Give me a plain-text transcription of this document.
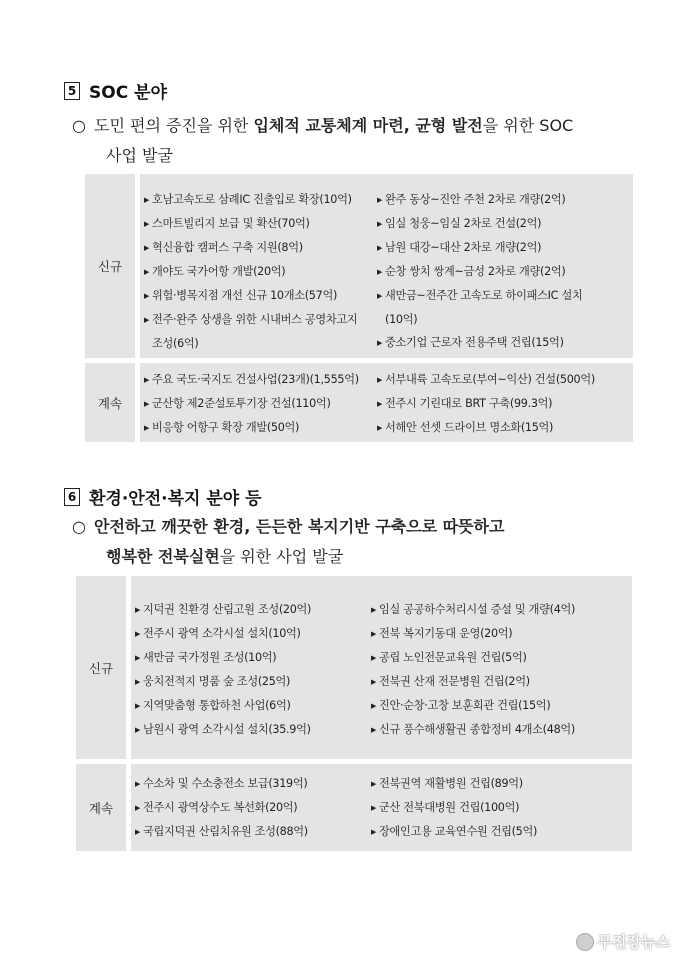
5 SOC 분야
○ 도민 편의 증진을 위한 입체적 교통체계 마련, 균형 발전을 위한 SOC
사업 발굴
신규
▶ 호남고속도로 삼례IC 진출입로 확장(10억)
▶ 스마트빌리지 보급 및 확산(70억)
▶ 혁신융합 캠퍼스 구축 지원(8억)
▶ 개야도 국가어항 개발(20억)
▶ 위험·병목지점 개선 신규 10개소(57억)
▶ 전주·완주 상생을 위한 시내버스 공영차고지
조성(6억)
▶ 완주 동상~진안 주천 2차로 개량(2억)
▶ 임실 청웅~임실 2차로 건설(2억)
▶ 남원 대강~대산 2차로 개량(2억)
▶ 순창 쌍치 쌍계~금성 2차로 개량(2억)
▶ 새만금~전주간 고속도로 하이패스IC 설치
(10억)
▶ 중소기업 근로자 전용주택 건립(15억)
계속
▶ 주요 국도·국지도 건설사업(23개)(1,555억)
▶ 군산항 제2준설토투기장 건설(110억)
▶ 비응항 어항구 확장 개발(50억)
▶ 서부내륙 고속도로(부여~익산) 건설(500억)
▶ 전주시 기린대로 BRT 구축(99.3억)
▶ 서해안 선셋 드라이브 명소화(15억)
6 환경·안전·복지 분야 등
○ 안전하고 깨끗한 환경, 든든한 복지기반 구축으로 따뜻하고
행복한 전북실현을 위한 사업 발굴
신규
▶ 지덕권 친환경 산림고원 조성(20억)
▶ 전주시 광역 소각시설 설치(10억)
▶ 새만금 국가정원 조성(10억)
▶ 웅치전적지 명품 숲 조성(25억)
▶ 지역맞춤형 통합하천 사업(6억)
▶ 남원시 광역 소각시설 설치(35.9억)
▶ 임실 공공하수처리시설 증설 및 개량(4억)
▶ 전북 복지기동대 운영(20억)
▶ 공립 노인전문교육원 건립(5억)
▶ 전북권 산재 전문병원 건립(2억)
▶ 진안·순창·고창 보훈회관 건립(15억)
▶ 신규 풍수해생활권 종합정비 4개소(48억)
계속
▶ 수소차 및 수소충전소 보급(319억)
▶ 전주시 광역상수도 복선화(20억)
▶ 국립지덕권 산림치유원 조성(88억)
▶ 전북권역 재활병원 건립(89억)
▶ 군산 전북대병원 건립(100억)
▶ 장애인고용 교육연수원 건립(5억)
무진장뉴스
